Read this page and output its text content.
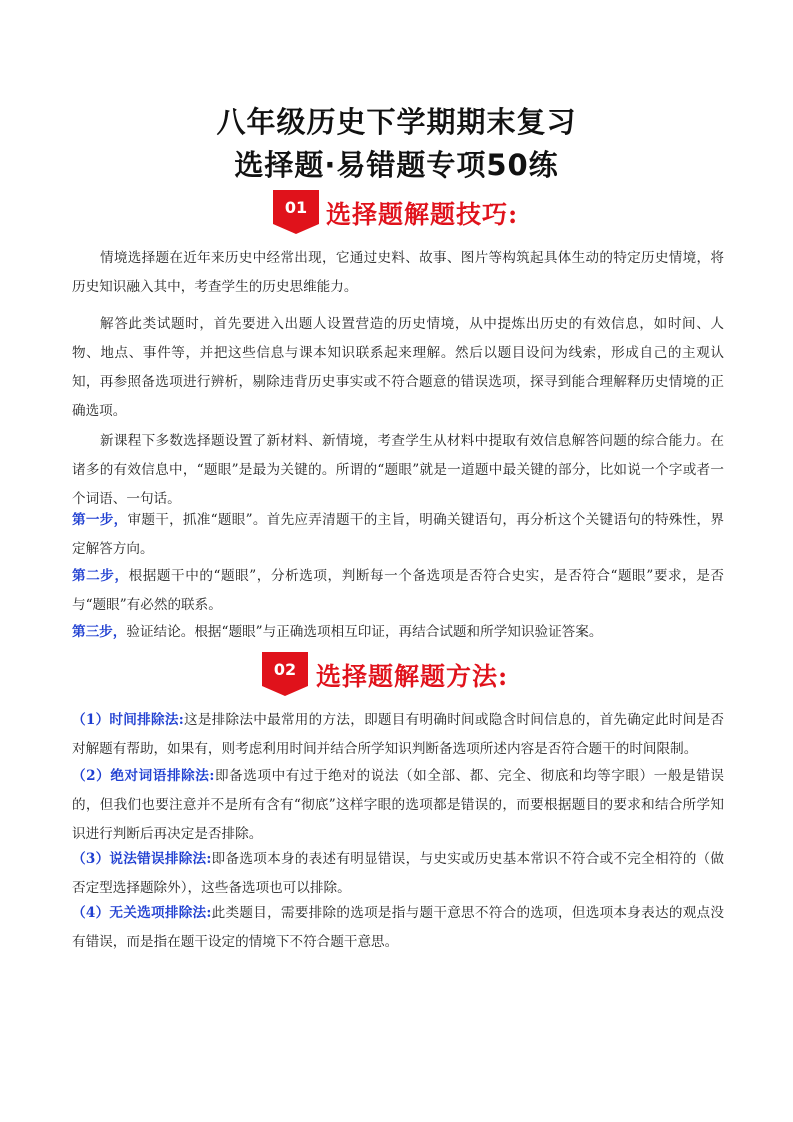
八年级历史下学期期末复习
选择题·易错题专项50练
01 选择题解题技巧:

情境选择题在近年来历史中经常出现，它通过史料、故事、图片等构筑起具体生动的特定历史情境，将历史知识融入其中，考查学生的历史思维能力。

解答此类试题时，首先要进入出题人设置营造的历史情境，从中提炼出历史的有效信息，如时间、人物、地点、事件等，并把这些信息与课本知识联系起来理解。然后以题目设问为线索，形成自己的主观认知，再参照备选项进行辨析，剔除违背历史事实或不符合题意的错误选项，探寻到能合理解释历史情境的正确选项。

新课程下多数选择题设置了新材料、新情境，考查学生从材料中提取有效信息解答问题的综合能力。在诸多的有效信息中，“题眼”是最为关键的。所谓的“题眼”就是一道题中最关键的部分，比如说一个字或者一个词语、一句话。

第一步，审题干，抓准“题眼”。首先应弄清题干的主旨，明确关键语句，再分析这个关键语句的特殊性，界定解答方向。

第二步，根据题干中的“题眼”，分析选项，判断每一个备选项是否符合史实，是否符合“题眼”要求，是否与“题眼”有必然的联系。

第三步，验证结论。根据“题眼”与正确选项相互印证，再结合试题和所学知识验证答案。

02 选择题解题方法:

（1）时间排除法:这是排除法中最常用的方法，即题目有明确时间或隐含时间信息的，首先确定此时间是否对解题有帮助，如果有，则考虑利用时间并结合所学知识判断备选项所述内容是否符合题干的时间限制。

（2）绝对词语排除法:即备选项中有过于绝对的说法（如全部、都、完全、彻底和均等字眼）一般是错误的，但我们也要注意并不是所有含有“彻底”这样字眼的选项都是错误的，而要根据题目的要求和结合所学知识进行判断后再决定是否排除。

（3）说法错误排除法:即备选项本身的表述有明显错误，与史实或历史基本常识不符合或不完全相符的（做否定型选择题除外），这些备选项也可以排除。

（4）无关选项排除法:此类题目，需要排除的选项是指与题干意思不符合的选项，但选项本身表达的观点没有错误，而是指在题干设定的情境下不符合题干意思。
